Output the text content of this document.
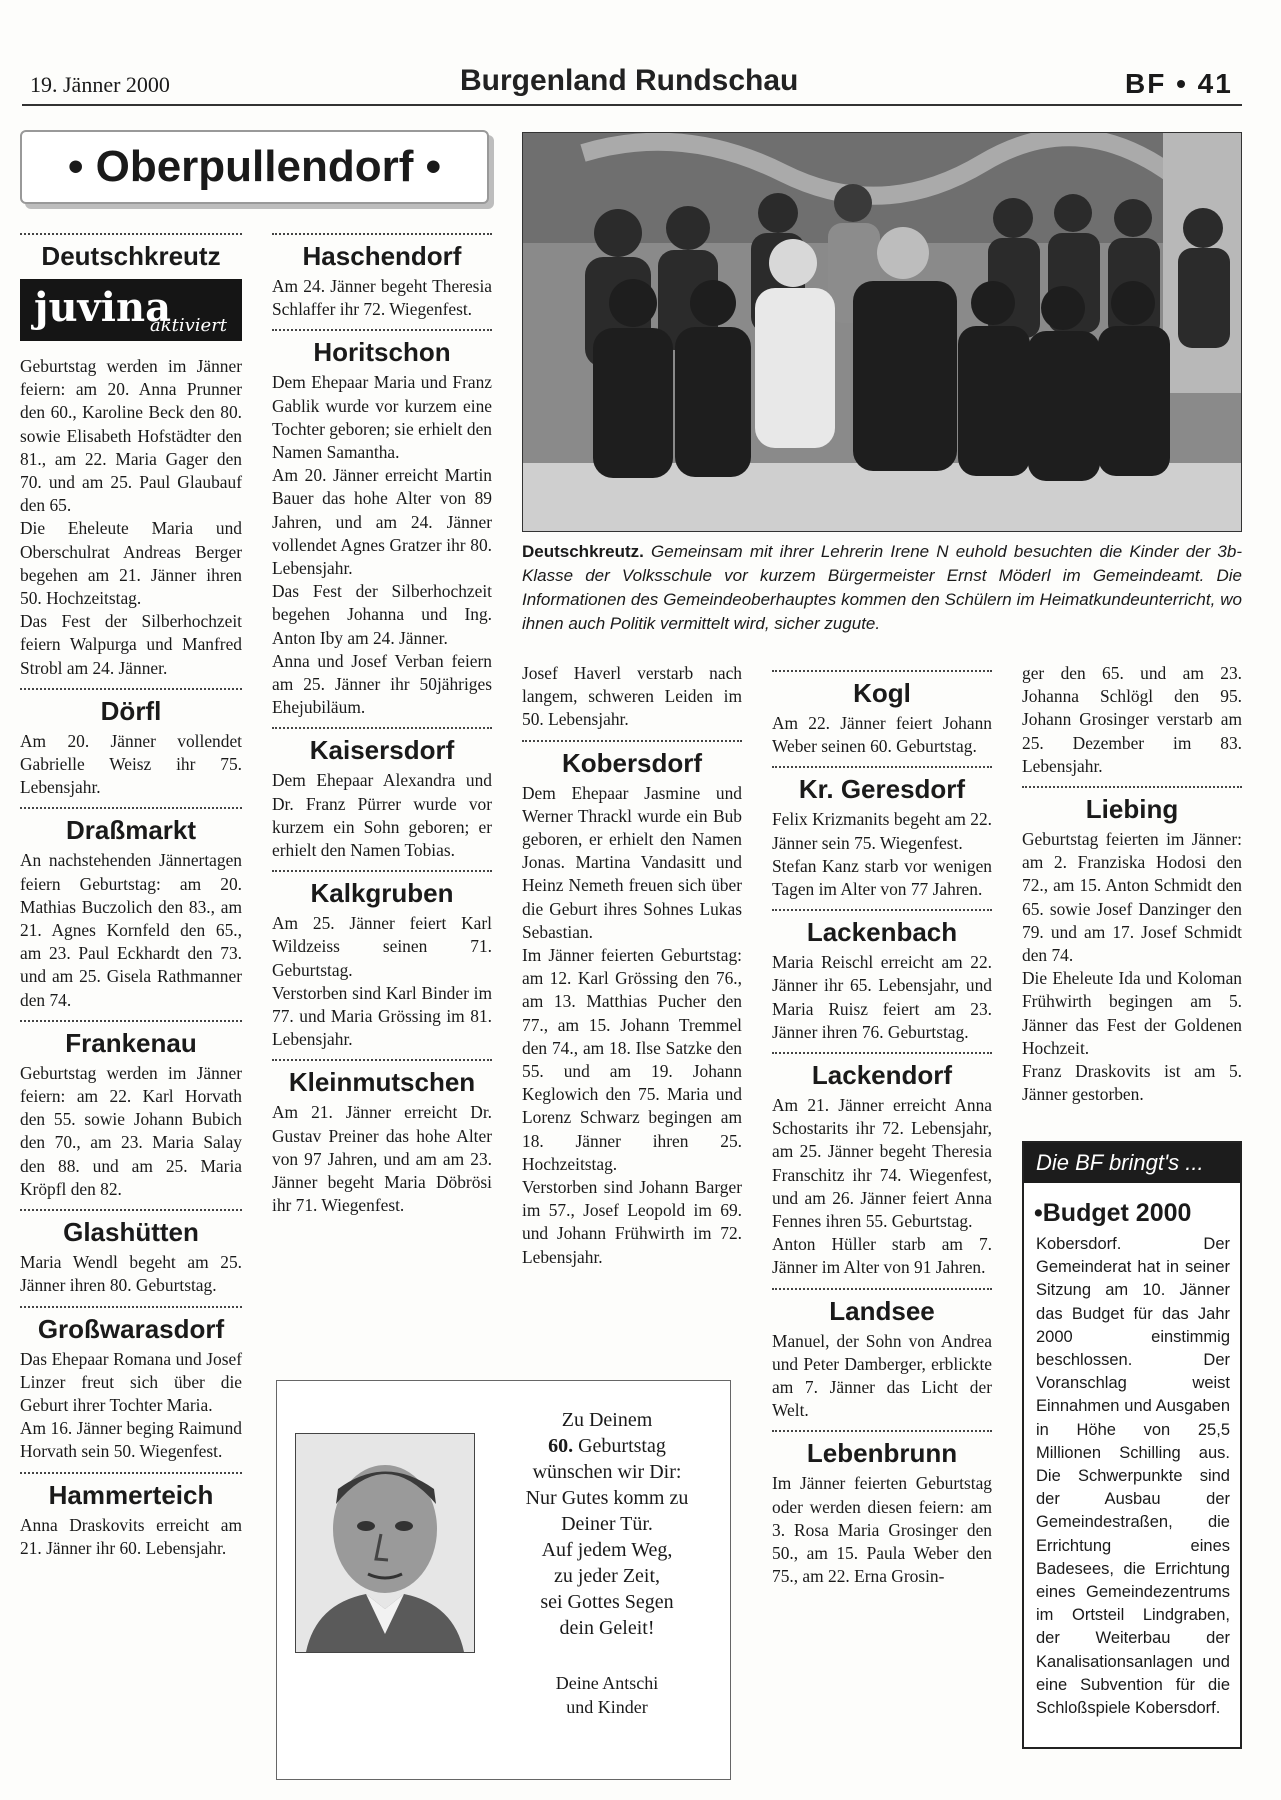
19. Jänner 2000	Burgenland Rundschau	BF • 41
• Oberpullendorf •
Deutschkreutz
juvina
aktiviert

Geburtstag werden im Jänner feiern: am 20. Anna Prunner den 60., Karoline Beck den 80. sowie Elisabeth Hofstädter den 81., am 22. Maria Gager den 70. und am 25. Paul Glaubauf den 65.

Die Eheleute Maria und Oberschulrat Andreas Berger begehen am 21. Jänner ihren 50. Hochzeitstag.

Das Fest der Silberhochzeit feiern Walpurga und Manfred Strobl am 24. Jänner.

Dörfl

Am 20. Jänner vollendet Gabrielle Weisz ihr 75. Lebensjahr.

Draßmarkt

An nachstehenden Jännertagen feiern Geburtstag: am 20. Mathias Buczolich den 83., am 21. Agnes Kornfeld den 65., am 23. Paul Eckhardt den 73. und am 25. Gisela Rathmanner den 74.

Frankenau

Geburtstag werden im Jänner feiern: am 22. Karl Horvath den 55. sowie Johann Bubich den 70., am 23. Maria Salay den 88. und am 25. Maria Kröpfl den 82.

Glashütten

Maria Wendl begeht am 25. Jänner ihren 80. Geburtstag.

Großwarasdorf

Das Ehepaar Romana und Josef Linzer freut sich über die Geburt ihrer Tochter Maria.

Am 16. Jänner beging Raimund Horvath sein 50. Wiegenfest.

Hammerteich

Anna Draskovits erreicht am 21. Jänner ihr 60. Lebensjahr.

Haschendorf

Am 24. Jänner begeht Theresia Schlaffer ihr 72. Wiegenfest.

Horitschon

Dem Ehepaar Maria und Franz Gablik wurde vor kurzem eine Tochter geboren; sie erhielt den Namen Samantha.

Am 20. Jänner erreicht Martin Bauer das hohe Alter von 89 Jahren, und am 24. Jänner vollendet Agnes Gratzer ihr 80. Lebensjahr.

Das Fest der Silberhochzeit begehen Johanna und Ing. Anton Iby am 24. Jänner.

Anna und Josef Verban feiern am 25. Jänner ihr 50jähriges Ehejubiläum.

Kaisersdorf

Dem Ehepaar Alexandra und Dr. Franz Pürrer wurde vor kurzem ein Sohn geboren; er erhielt den Namen Tobias.

Kalkgruben

Am 25. Jänner feiert Karl Wildzeiss seinen 71. Geburtstag.

Verstorben sind Karl Binder im 77. und Maria Grössing im 81. Lebensjahr.

Kleinmutschen

Am 21. Jänner erreicht Dr. Gustav Preiner das hohe Alter von 97 Jahren, und am am 23. Jänner begeht Maria Döbrösi ihr 71. Wiegenfest.

Deutschkreutz. Gemeinsam mit ihrer Lehrerin Irene N euhold besuchten die Kinder der 3b-Klasse der Volksschule vor kurzem Bürgermeister Ernst Möderl im Gemeindeamt. Die Informationen des Gemeindeoberhauptes kommen den Schülern im Heimatkundeunterricht, wo ihnen auch Politik vermittelt wird, sicher zugute.

Josef Haverl verstarb nach langem, schweren Leiden im 50. Lebensjahr.

Kobersdorf

Dem Ehepaar Jasmine und Werner Thrackl wurde ein Bub geboren, er erhielt den Namen Jonas. Martina Vandasitt und Heinz Nemeth freuen sich über die Geburt ihres Sohnes Lukas Sebastian.

Im Jänner feierten Geburtstag: am 12. Karl Grössing den 76., am 13. Matthias Pucher den 77., am 15. Johann Tremmel den 74., am 18. Ilse Satzke den 55. und am 19. Johann Keglowich den 75. Maria und Lorenz Schwarz begingen am 18. Jänner ihren 25. Hochzeitstag.

Verstorben sind Johann Barger im 57., Josef Leopold im 69. und Johann Frühwirth im 72. Lebensjahr.

Kogl

Am 22. Jänner feiert Johann Weber seinen 60. Geburtstag.

Kr. Geresdorf

Felix Krizmanits begeht am 22. Jänner sein 75. Wiegenfest.

Stefan Kanz starb vor wenigen Tagen im Alter von 77 Jahren.

Lackenbach

Maria Reischl erreicht am 22. Jänner ihr 65. Lebensjahr, und Maria Ruisz feiert am 23. Jänner ihren 76. Geburtstag.

Lackendorf

Am 21. Jänner erreicht Anna Schostarits ihr 72. Lebensjahr, am 25. Jänner begeht Theresia Franschitz ihr 74. Wiegenfest, und am 26. Jänner feiert Anna Fennes ihren 55. Geburtstag.

Anton Hüller starb am 7. Jänner im Alter von 91 Jahren.

Landsee

Manuel, der Sohn von Andrea und Peter Damberger, erblickte am 7. Jänner das Licht der Welt.

Lebenbrunn

Im Jänner feierten Geburtstag oder werden diesen feiern: am 3. Rosa Maria Grosinger den 50., am 15. Paula Weber den 75., am 22. Erna Grosin-

ger den 65. und am 23. Johanna Schlögl den 95. Johann Grosinger verstarb am 25. Dezember im 83. Lebensjahr.

Liebing

Geburtstag feierten im Jänner: am 2. Franziska Hodosi den 72., am 15. Anton Schmidt den 65. sowie Josef Danzinger den 79. und am 17. Josef Schmidt den 74.

Die Eheleute Ida und Koloman Frühwirth begingen am 5. Jänner das Fest der Goldenen Hochzeit.

Franz Draskovits ist am 5. Jänner gestorben.

Zu Deinem
60. Geburtstag
wünschen wir Dir:
Nur Gutes komm zu
Deiner Tür.
Auf jedem Weg,
zu jeder Zeit,
sei Gottes Segen
dein Geleit!
Deine Antschi
und Kinder
Die BF bringt's ...
•Budget 2000
Kobersdorf. Der Gemeinderat hat in seiner Sitzung am 10. Jänner das Budget für das Jahr 2000 einstimmig beschlossen. Der Voranschlag weist Einnahmen und Ausgaben in Höhe von 25,5 Millionen Schilling aus. Die Schwerpunkte sind der Ausbau der Gemeindestraßen, die Errichtung eines Badesees, die Errichtung eines Gemeindezentrums im Ortsteil Lindgraben, der Weiterbau der Kanalisationsanlagen und eine Subvention für die Schloßspiele Kobersdorf.
